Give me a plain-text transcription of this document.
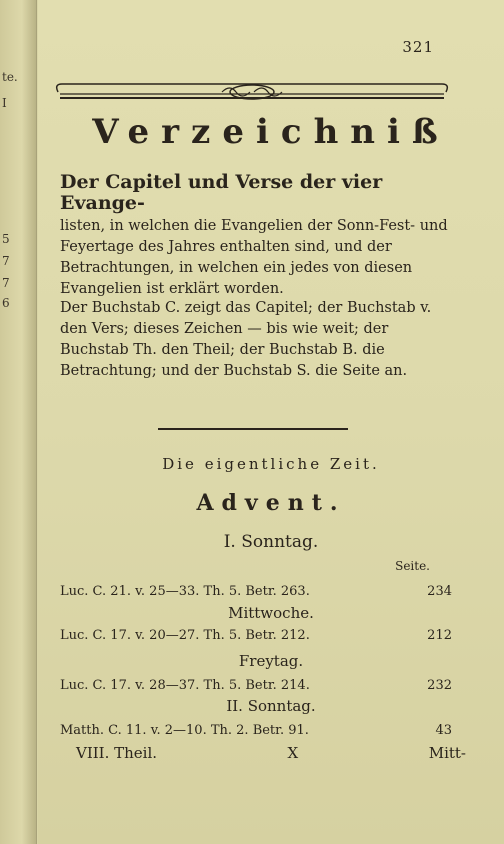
te.
I
5
7
7
6
321
Verzeichniß
Der Capitel und Verse der vier Evange-
listen, in welchen die Evangelien der Sonn-Fest- und Feyertage des Jahres enthalten sind, und der Betrachtungen, in welchen ein jedes von diesen Evangelien ist erklärt worden.
Der Buchstab C. zeigt das Capitel; der Buchstab v. den Vers; dieses Zeichen — bis wie weit; der Buchstab Th. den Theil; der Buchstab B. die Betrachtung; und der Buchstab S. die Seite an.
Die eigentliche Zeit.
Advent.
I. Sonntag.
Seite.
Luc. C. 21. v. 25—33. Th. 5. Betr. 263.	234
Mittwoche.
Luc. C. 17. v. 20—27. Th. 5. Betr. 212.	212
Freytag.
Luc. C. 17. v. 28—37. Th. 5. Betr. 214.	232
II. Sonntag.
Matth. C. 11. v. 2—10. Th. 2. Betr. 91.	43
VIII. Theil.	X	Mitt-
